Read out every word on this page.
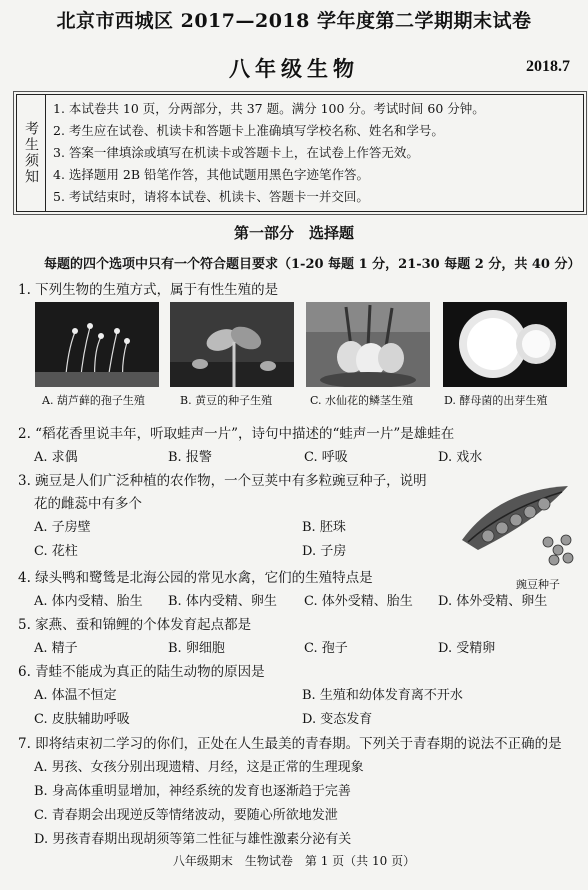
北京市西城区 2017—2018 学年度第二学期期末试卷
八年级生物	2018.7
考生须知
1. 本试卷共 10 页，分两部分，共 37 题。满分 100 分。考试时间 60 分钟。
2. 考生应在试卷、机读卡和答题卡上准确填写学校名称、姓名和学号。
3. 答案一律填涂或填写在机读卡或答题卡上，在试卷上作答无效。
4. 选择题用 2B 铅笔作答，其他试题用黑色字迹笔作答。
5. 考试结束时，请将本试卷、机读卡、答题卡一并交回。
第一部分　选择题
每题的四个选项中只有一个符合题目要求（1-20 每题 1 分，21-30 每题 2 分，共 40 分）
1. 下列生物的生殖方式，属于有性生殖的是
A. 葫芦藓的孢子生殖	B. 黄豆的种子生殖	C. 水仙花的鳞茎生殖	D. 酵母菌的出芽生殖
2. “稻花香里说丰年，听取蛙声一片”，诗句中描述的“蛙声一片”是雄蛙在
A. 求偶	B. 报警	C. 呼吸	D. 戏水
3. 豌豆是人们广泛种植的农作物，一个豆荚中有多粒豌豆种子，说明
花的雌蕊中有多个
A. 子房壁	B. 胚珠
C. 花柱	D. 子房
豌豆种子
4. 绿头鸭和鹭鸶是北海公园的常见水禽，它们的生殖特点是
A. 体内受精、胎生 B. 体内受精、卵生 C. 体外受精、胎生 D. 体外受精、卵生
5. 家燕、蚕和锦鲤的个体发育起点都是
A. 精子	B. 卵细胞	C. 孢子	D. 受精卵
6. 青蛙不能成为真正的陆生动物的原因是
A. 体温不恒定	B. 生殖和幼体发育离不开水
C. 皮肤辅助呼吸	D. 变态发育
7. 即将结束初二学习的你们，正处在人生最美的青春期。下列关于青春期的说法不正确的是
A. 男孩、女孩分别出现遗精、月经，这是正常的生理现象
B. 身高体重明显增加，神经系统的发育也逐渐趋于完善
C. 青春期会出现逆反等情绪波动，要随心所欲地发泄
D. 男孩青春期出现胡须等第二性征与雄性激素分泌有关
八年级期末　生物试卷　第 1 页（共 10 页）
